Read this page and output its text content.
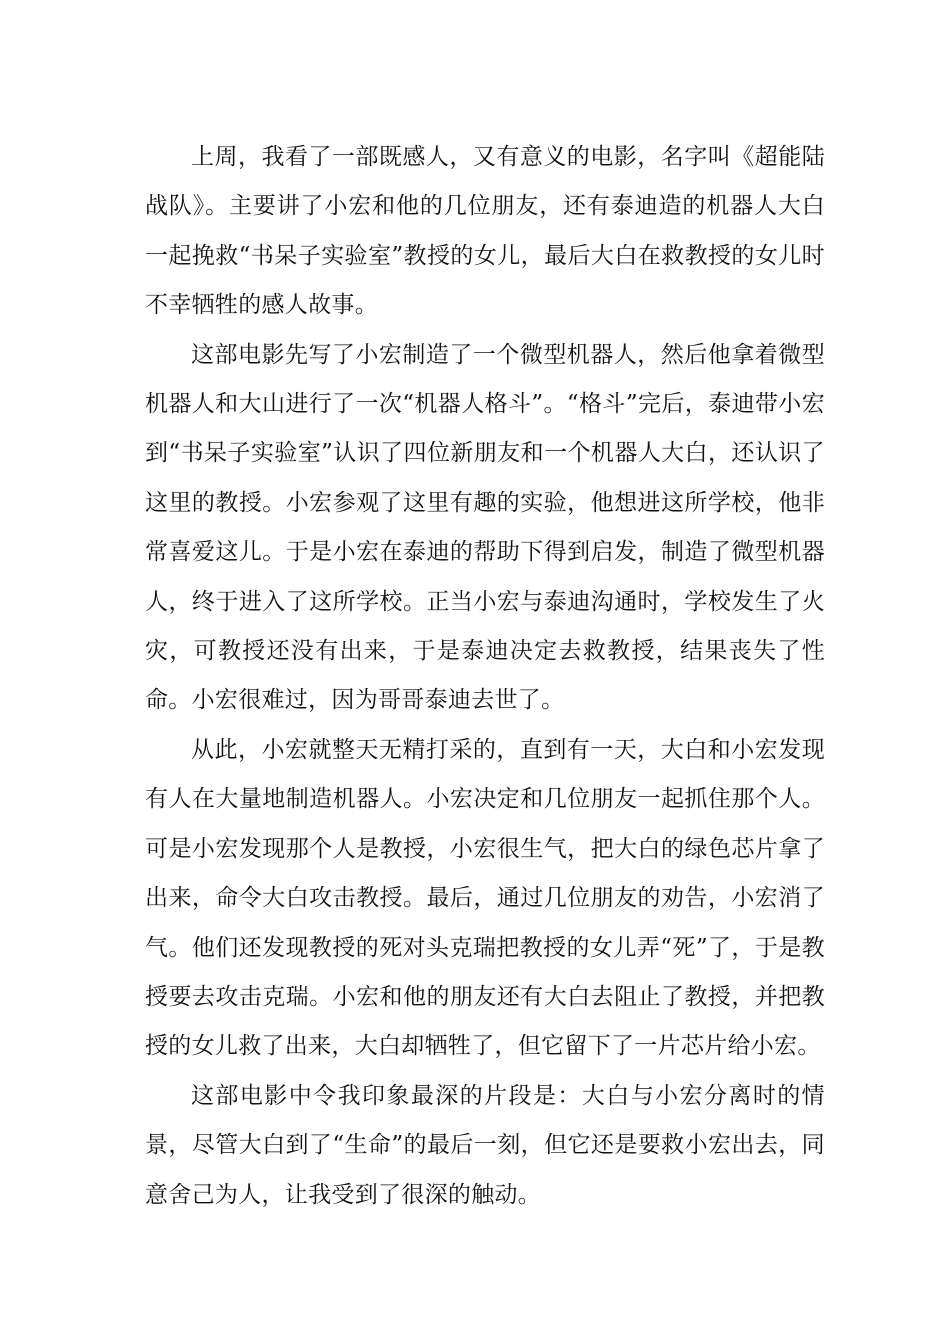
上周，我看了一部既感人，又有意义的电影，名字叫《超能陆战队》。主要讲了小宏和他的几位朋友，还有泰迪造的机器人大白一起挽救“书呆子实验室”教授的女儿，最后大白在救教授的女儿时不幸牺牲的感人故事。

这部电影先写了小宏制造了一个微型机器人，然后他拿着微型机器人和大山进行了一次“机器人格斗”。“格斗”完后，泰迪带小宏到“书呆子实验室”认识了四位新朋友和一个机器人大白，还认识了这里的教授。小宏参观了这里有趣的实验，他想进这所学校，他非常喜爱这儿。于是小宏在泰迪的帮助下得到启发，制造了微型机器人，终于进入了这所学校。正当小宏与泰迪沟通时，学校发生了火灾，可教授还没有出来，于是泰迪决定去救教授，结果丧失了性命。小宏很难过，因为哥哥泰迪去世了。

从此，小宏就整天无精打采的，直到有一天，大白和小宏发现有人在大量地制造机器人。小宏决定和几位朋友一起抓住那个人。可是小宏发现那个人是教授，小宏很生气，把大白的绿色芯片拿了出来，命令大白攻击教授。最后，通过几位朋友的劝告，小宏消了气。他们还发现教授的死对头克瑞把教授的女儿弄“死”了，于是教授要去攻击克瑞。小宏和他的朋友还有大白去阻止了教授，并把教授的女儿救了出来，大白却牺牲了，但它留下了一片芯片给小宏。

这部电影中令我印象最深的片段是：大白与小宏分离时的情景，尽管大白到了“生命”的最后一刻，但它还是要救小宏出去，同意舍己为人，让我受到了很深的触动。
